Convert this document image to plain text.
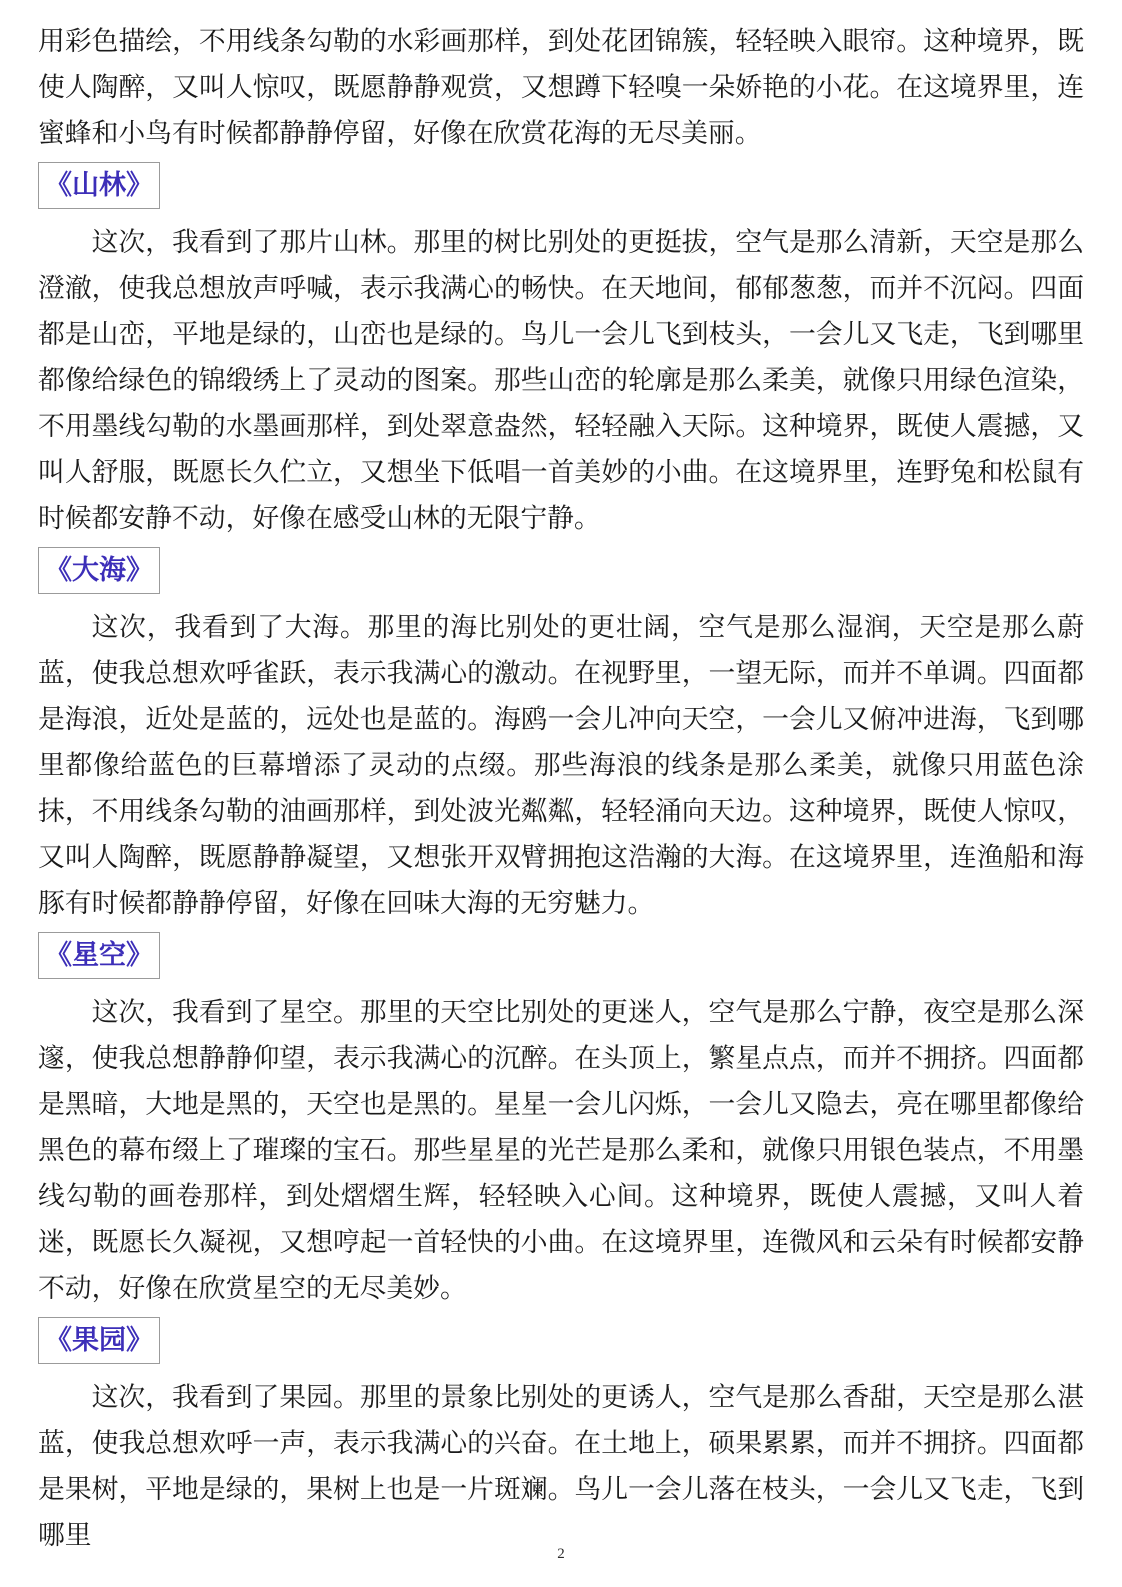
用彩色描绘，不用线条勾勒的水彩画那样，到处花团锦簇，轻轻映入眼帘。这种境界，既使人陶醉，又叫人惊叹，既愿静静观赏，又想蹲下轻嗅一朵娇艳的小花。在这境界里，连蜜蜂和小鸟有时候都静静停留，好像在欣赏花海的无尽美丽。

《山林》

这次，我看到了那片山林。那里的树比别处的更挺拔，空气是那么清新，天空是那么澄澈，使我总想放声呼喊，表示我满心的畅快。在天地间，郁郁葱葱，而并不沉闷。四面都是山峦，平地是绿的，山峦也是绿的。鸟儿一会儿飞到枝头，一会儿又飞走，飞到哪里都像给绿色的锦缎绣上了灵动的图案。那些山峦的轮廓是那么柔美，就像只用绿色渲染，不用墨线勾勒的水墨画那样，到处翠意盎然，轻轻融入天际。这种境界，既使人震撼，又叫人舒服，既愿长久伫立，又想坐下低唱一首美妙的小曲。在这境界里，连野兔和松鼠有时候都安静不动，好像在感受山林的无限宁静。

《大海》

这次，我看到了大海。那里的海比别处的更壮阔，空气是那么湿润，天空是那么蔚蓝，使我总想欢呼雀跃，表示我满心的激动。在视野里，一望无际，而并不单调。四面都是海浪，近处是蓝的，远处也是蓝的。海鸥一会儿冲向天空，一会儿又俯冲进海，飞到哪里都像给蓝色的巨幕增添了灵动的点缀。那些海浪的线条是那么柔美，就像只用蓝色涂抹，不用线条勾勒的油画那样，到处波光粼粼，轻轻涌向天边。这种境界，既使人惊叹，又叫人陶醉，既愿静静凝望，又想张开双臂拥抱这浩瀚的大海。在这境界里，连渔船和海豚有时候都静静停留，好像在回味大海的无穷魅力。

《星空》

这次，我看到了星空。那里的天空比别处的更迷人，空气是那么宁静，夜空是那么深邃，使我总想静静仰望，表示我满心的沉醉。在头顶上，繁星点点，而并不拥挤。四面都是黑暗，大地是黑的，天空也是黑的。星星一会儿闪烁，一会儿又隐去，亮在哪里都像给黑色的幕布缀上了璀璨的宝石。那些星星的光芒是那么柔和，就像只用银色装点，不用墨线勾勒的画卷那样，到处熠熠生辉，轻轻映入心间。这种境界，既使人震撼，又叫人着迷，既愿长久凝视，又想哼起一首轻快的小曲。在这境界里，连微风和云朵有时候都安静不动，好像在欣赏星空的无尽美妙。

《果园》

这次，我看到了果园。那里的景象比别处的更诱人，空气是那么香甜，天空是那么湛蓝，使我总想欢呼一声，表示我满心的兴奋。在土地上，硕果累累，而并不拥挤。四面都是果树，平地是绿的，果树上也是一片斑斓。鸟儿一会儿落在枝头，一会儿又飞走，飞到哪里

2
